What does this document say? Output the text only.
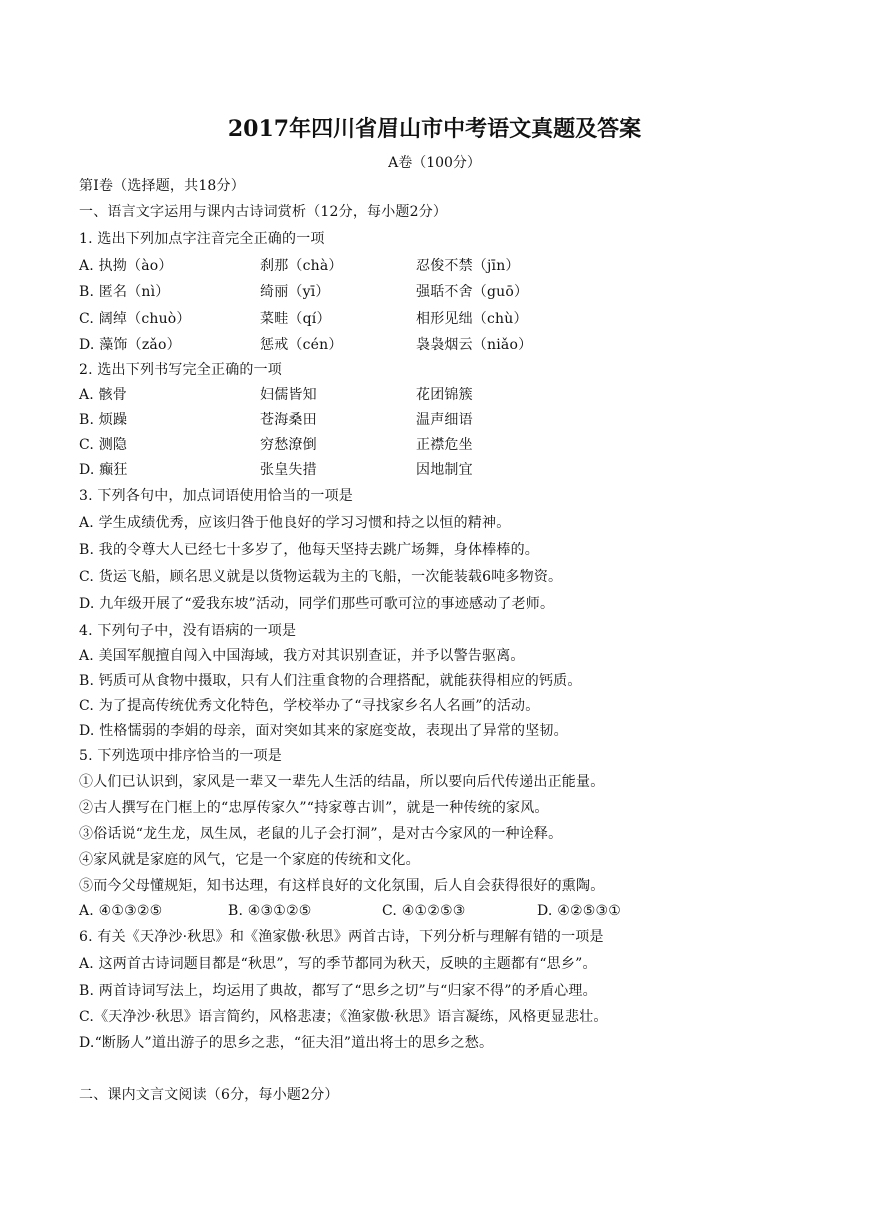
2017年四川省眉山市中考语文真题及答案
A卷（100分）
第Ⅰ卷（选择题，共18分）
一、语言文字运用与课内古诗词赏析（12分，每小题2分）
1. 选出下列加点字注音完全正确的一项
A. 执拗（ào）	刹那（chà）	忍俊不禁（jīn）
B. 匿名（nì）	绮丽（yī）	强聒不舍（guō）
C. 阔绰（chuò）	菜畦（qí）	相形见绌（chù）
D. 藻饰（zǎo）	惩戒（cén）	袅袅烟云（niǎo）
2. 选出下列书写完全正确的一项
A. 骸骨	妇儒皆知	花团锦簇
B. 烦躁	苍海桑田	温声细语
C. 测隐	穷愁潦倒	正襟危坐
D. 癫狂	张皇失措	因地制宜
3. 下列各句中，加点词语使用恰当的一项是
A. 学生成绩优秀，应该归咎于他良好的学习习惯和持之以恒的精神。
B. 我的令尊大人已经七十多岁了，他每天坚持去跳广场舞，身体棒棒的。
C. 货运飞船，顾名思义就是以货物运载为主的飞船，一次能装载6吨多物资。
D. 九年级开展了“爱我东坡”活动，同学们那些可歌可泣的事迹感动了老师。
4. 下列句子中，没有语病的一项是
A. 美国军舰擅自闯入中国海域，我方对其识别查证，并予以警告驱离。
B. 钙质可从食物中摄取，只有人们注重食物的合理搭配，就能获得相应的钙质。
C. 为了提高传统优秀文化特色，学校举办了“寻找家乡名人名画”的活动。
D. 性格懦弱的李娟的母亲，面对突如其来的家庭变故，表现出了异常的坚韧。
5. 下列选项中排序恰当的一项是
①人们已认识到，家风是一辈又一辈先人生活的结晶，所以要向后代传递出正能量。
②古人撰写在门框上的“忠厚传家久”“持家尊古训”，就是一种传统的家风。
③俗话说“龙生龙，凤生凤，老鼠的儿子会打洞”，是对古今家风的一种诠释。
④家风就是家庭的风气，它是一个家庭的传统和文化。
⑤而今父母懂规矩，知书达理，有这样良好的文化氛围，后人自会获得很好的熏陶。
A. ④①③②⑤	B. ④③①②⑤	C. ④①②⑤③	D. ④②⑤③①
6. 有关《天净沙·秋思》和《渔家傲·秋思》两首古诗，下列分析与理解有错的一项是
A. 这两首古诗词题目都是“秋思”，写的季节都同为秋天，反映的主题都有“思乡”。
B. 两首诗词写法上，均运用了典故，都写了“思乡之切”与“归家不得”的矛盾心理。
C.《天净沙·秋思》语言简约，风格悲凄；《渔家傲·秋思》语言凝练，风格更显悲壮。
D.“断肠人”道出游子的思乡之悲，“征夫泪”道出将士的思乡之愁。
二、课内文言文阅读（6分，每小题2分）
